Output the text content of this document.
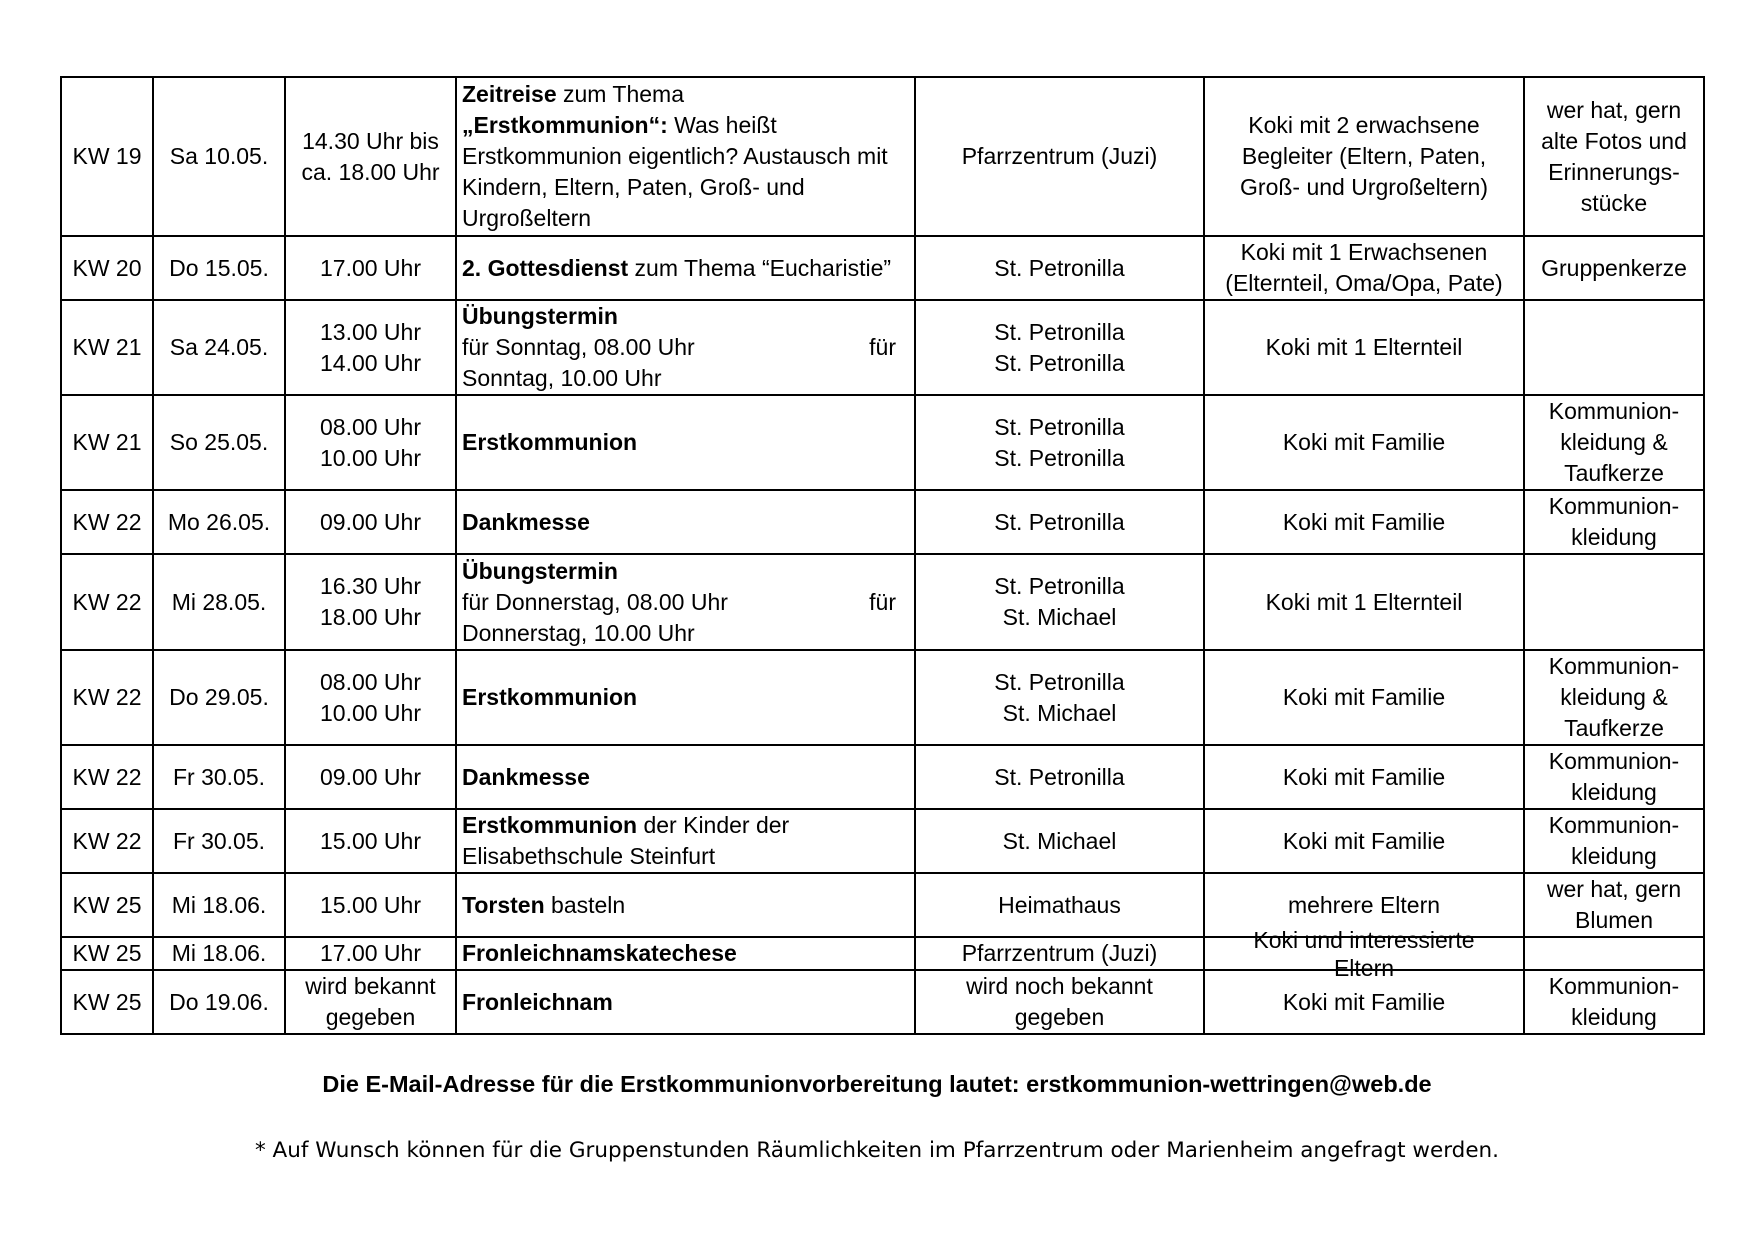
KW 19	Sa 10.05.	14.30 Uhr bis
ca. 18.00 Uhr	Zeitreise zum Thema
„Erstkommunion“: Was heißt Erstkommunion eigentlich? Austausch mit Kindern, Eltern, Paten, Groß- und Urgroßeltern	Pfarrzentrum (Juzi)	Koki mit 2 erwachsene
Begleiter (Eltern, Paten,
Groß- und Urgroßeltern)	wer hat, gern
alte Fotos und
Erinnerungs-
stücke

KW 20	Do 15.05.	17.00 Uhr	2. Gottesdienst zum Thema “Eucharistie”	St. Petronilla	Koki mit 1 Erwachsenen
(Elternteil, Oma/Opa, Pate)	Gruppenkerze

KW 21	Sa 24.05.	13.00 Uhr
14.00 Uhr	Übungstermin
für Sonntag, 08.00 Uhr für
Sonntag, 10.00 Uhr	St. Petronilla
St. Petronilla	Koki mit 1 Elternteil	

KW 21	So 25.05.	08.00 Uhr
10.00 Uhr	Erstkommunion	St. Petronilla
St. Petronilla	Koki mit Familie	Kommunion-
kleidung &
Taufkerze

KW 22	Mo 26.05.	09.00 Uhr	Dankmesse	St. Petronilla	Koki mit Familie	Kommunion-
kleidung

KW 22	Mi 28.05.	16.30 Uhr
18.00 Uhr	Übungstermin
für Donnerstag, 08.00 Uhr für
Donnerstag, 10.00 Uhr	St. Petronilla
St. Michael	Koki mit 1 Elternteil	

KW 22	Do 29.05.	08.00 Uhr
10.00 Uhr	Erstkommunion	St. Petronilla
St. Michael	Koki mit Familie	Kommunion-
kleidung &
Taufkerze

KW 22	Fr 30.05.	09.00 Uhr	Dankmesse	St. Petronilla	Koki mit Familie	Kommunion-
kleidung

KW 22	Fr 30.05.	15.00 Uhr	Erstkommunion der Kinder der Elisabethschule Steinfurt	St. Michael	Koki mit Familie	Kommunion-
kleidung

KW 25	Mi 18.06.	15.00 Uhr	Torsten basteln	Heimathaus	mehrere Eltern	wer hat, gern
Blumen

KW 25	Mi 18.06.	17.00 Uhr	Fronleichnamskatechese	Pfarrzentrum (Juzi)	Koki und interessierte
Eltern	

KW 25	Do 19.06.	wird bekannt
gegeben	Fronleichnam	wird noch bekannt
gegeben	Koki mit Familie	Kommunion-
kleidung
Die E-Mail-Adresse für die Erstkommunionvorbereitung lautet: erstkommunion-wettringen@web.de
* Auf Wunsch können für die Gruppenstunden Räumlichkeiten im Pfarrzentrum oder Marienheim angefragt werden.
